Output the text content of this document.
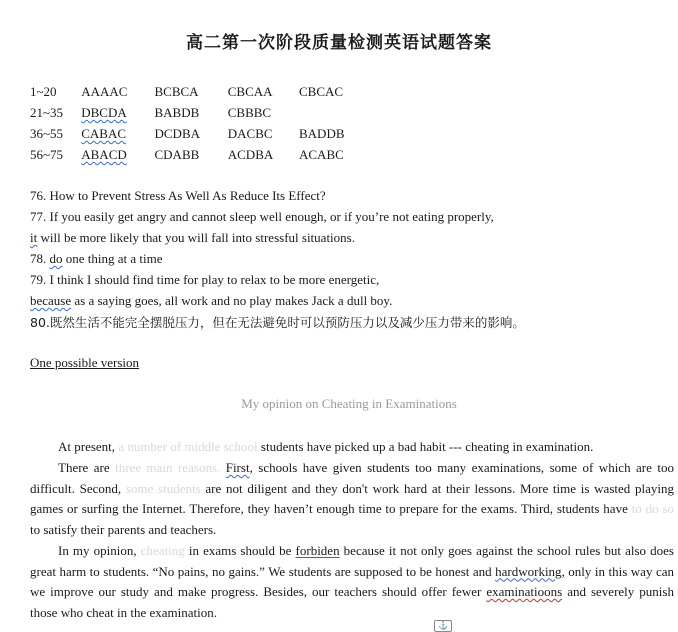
高二第一次阶段质量检测英语试题答案
1~20 AAAAC BCBCA CBCAA CBCAC
21~35 DBCDA BABDB CBBBC
36~55 CABAC DCDBA DACBC BADDB
56~75 ABACD CDABB ACDBA ACABC
76. How to Prevent Stress As Well As Reduce Its Effect?
77. If you easily get angry and cannot sleep well enough, or if you’re not eating properly,
it will be more likely that you will fall into stressful situations.
78. do one thing at a time
79. I think I should find time for play to relax to be more energetic,
because as a saying goes, all work and no play makes Jack a dull boy.
80.既然生活不能完全摆脱压力，但在无法避免时可以预防压力以及减少压力带来的影响。
One possible version
My opinion on Cheating in Examinations
At present, a number of middle school students have picked up a bad habit --- cheating in examination.
There are three main reasons. First, schools have given students too many examinations, some of which are too difficult. Second, some students are not diligent and they don't work hard at their lessons. More time is wasted playing games or surfing the Internet. Therefore, they haven’t enough time to prepare for the exams. Third, students have to do so to satisfy their parents and teachers.
In my opinion, cheating in exams should be forbiden because it not only goes against the school rules but also does great harm to students. “No pains, no gains.” We students are supposed to be honest and hardworking, only in this way can we improve our study and make progress. Besides, our teachers should offer fewer examinatioons and severely punish those who cheat in the examination.
⚓
